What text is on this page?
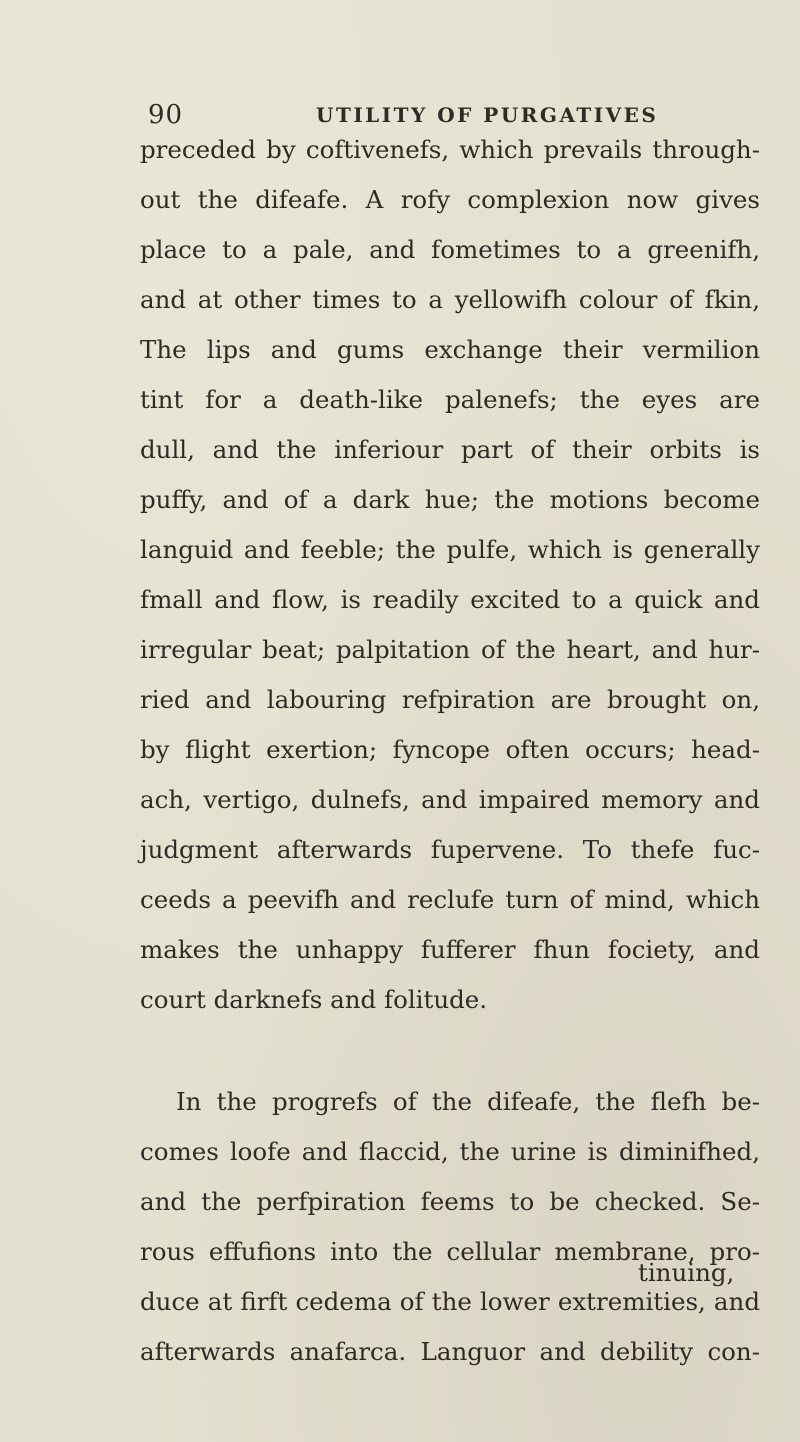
90	UTILITY OF PURGATIVES
preceded by coftivenefs, which prevails through-
out the difeafe. A rofy complexion now gives
place to a pale, and fometimes to a greenifh,
and at other times to a yellowifh colour of fkin,
The lips and gums exchange their vermilion
tint for a death-like palenefs; the eyes are
dull, and the inferiour part of their orbits is
puffy, and of a dark hue; the motions become
languid and feeble; the pulfe, which is generally
fmall and flow, is readily excited to a quick and
irregular beat; palpitation of the heart, and hur-
ried and labouring refpiration are brought on,
by flight exertion; fyncope often occurs; head-
ach, vertigo, dulnefs, and impaired memory and
judgment afterwards fupervene. To thefe fuc-
ceeds a peevifh and reclufe turn of mind, which
makes the unhappy fufferer fhun fociety, and
court darknefs and folitude.
In the progrefs of the difeafe, the flefh be-
comes loofe and flaccid, the urine is diminifhed,
and the perfpiration feems to be checked. Se-
rous effufions into the cellular membrane, pro-
duce at firft cedema of the lower extremities, and
afterwards anafarca. Languor and debility con-
tinuing,
